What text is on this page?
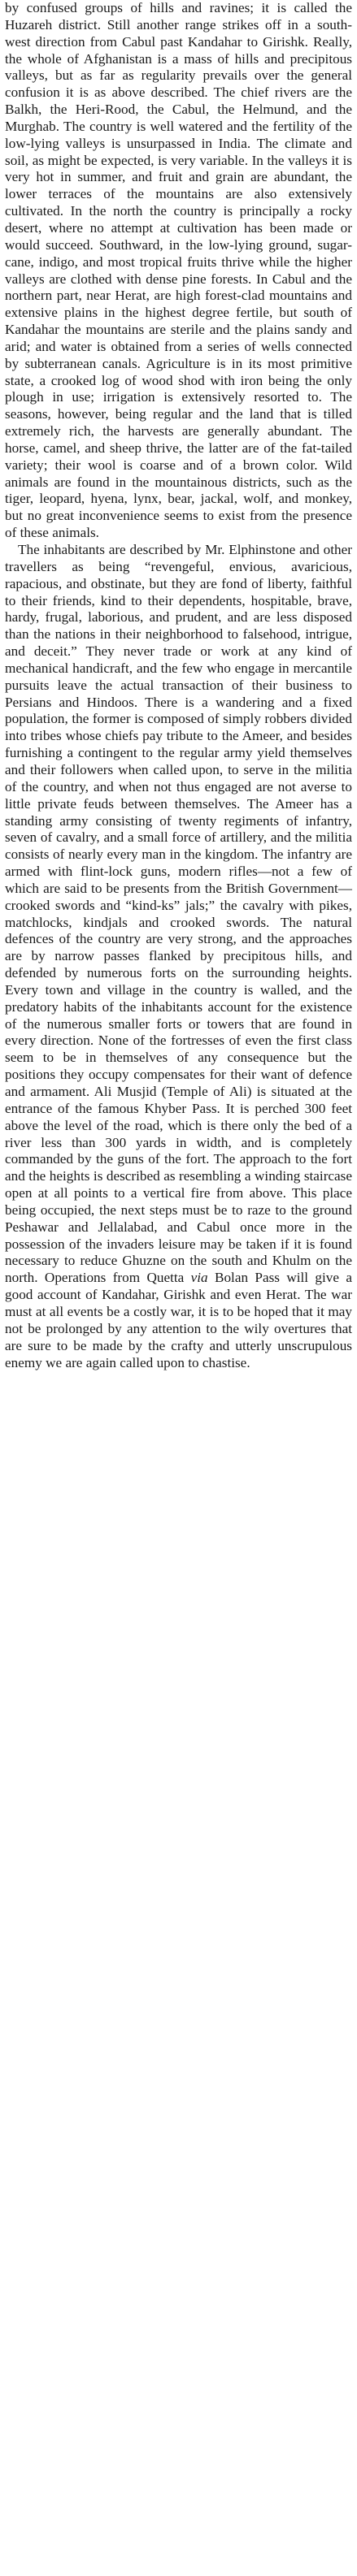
by confused groups of hills and ravines; it is called the Huzareh district. Still another range strikes off in a south-west direction from Cabul past Kandahar to Girishk. Really, the whole of Afghanistan is a mass of hills and precipitous valleys, but as far as regularity prevails over the general confusion it is as above described. The chief rivers are the Balkh, the Heri-Rood, the Cabul, the Helmund, and the Murghab. The country is well watered and the fertility of the low-lying valleys is unsurpassed in India. The climate and soil, as might be expected, is very variable. In the valleys it is very hot in summer, and fruit and grain are abundant, the lower terraces of the mountains are also extensively cultivated. In the north the country is principally a rocky desert, where no attempt at cultivation has been made or would succeed. Southward, in the low-lying ground, sugar-cane, indigo, and most tropical fruits thrive while the higher valleys are clothed with dense pine forests. In Cabul and the northern part, near Herat, are high forest-clad mountains and extensive plains in the highest degree fertile, but south of Kandahar the mountains are sterile and the plains sandy and arid; and water is obtained from a series of wells connected by subterranean canals. Agriculture is in its most primitive state, a crooked log of wood shod with iron being the only plough in use; irrigation is extensively resorted to. The seasons, however, being regular and the land that is tilled extremely rich, the harvests are generally abundant. The horse, camel, and sheep thrive, the latter are of the fat-tailed variety; their wool is coarse and of a brown color. Wild animals are found in the mountainous districts, such as the tiger, leopard, hyena, lynx, bear, jackal, wolf, and monkey, but no great inconvenience seems to exist from the presence of these animals.

The inhabitants are described by Mr. Elphinstone and other travellers as being “revengeful, envious, avaricious, rapacious, and obstinate, but they are fond of liberty, faithful to their friends, kind to their dependents, hospitable, brave, hardy, frugal, laborious, and prudent, and are less disposed than the nations in their neighborhood to falsehood, intrigue, and deceit.” They never trade or work at any kind of mechanical handicraft, and the few who engage in mercantile pursuits leave the actual transaction of their business to Persians and Hindoos. There is a wandering and a fixed population, the former is composed of simply robbers divided into tribes whose chiefs pay tribute to the Ameer, and besides furnishing a contingent to the regular army yield themselves and their followers when called upon, to serve in the militia of the country, and when not thus engaged are not averse to little private feuds between themselves. The Ameer has a standing army consisting of twenty regiments of infantry, seven of cavalry, and a small force of artillery, and the militia consists of nearly every man in the kingdom. The infantry are armed with flint-lock guns, modern rifles—not a few of which are said to be presents from the British Government—crooked swords and “kind-ks” jals;” the cavalry with pikes, matchlocks, kindjals and crooked swords. The natural defences of the country are very strong, and the approaches are by narrow passes flanked by precipitous hills, and defended by numerous forts on the surrounding heights. Every town and village in the country is walled, and the predatory habits of the inhabitants account for the existence of the numerous smaller forts or towers that are found in every direction. None of the fortresses of even the first class seem to be in themselves of any consequence but the positions they occupy compensates for their want of defence and armament. Ali Musjid (Temple of Ali) is situated at the entrance of the famous Khyber Pass. It is perched 300 feet above the level of the road, which is there only the bed of a river less than 300 yards in width, and is completely commanded by the guns of the fort. The approach to the fort and the heights is described as resembling a winding staircase open at all points to a vertical fire from above. This place being occupied, the next steps must be to raze to the ground Peshawar and Jellalabad, and Cabul once more in the possession of the invaders leisure may be taken if it is found necessary to reduce Ghuzne on the south and Khulm on the north. Operations from Quetta via Bolan Pass will give a good account of Kandahar, Girishk and even Herat. The war must at all events be a costly war, it is to be hoped that it may not be prolonged by any attention to the wily overtures that are sure to be made by the crafty and utterly unscrupulous enemy we are again called upon to chastise.
